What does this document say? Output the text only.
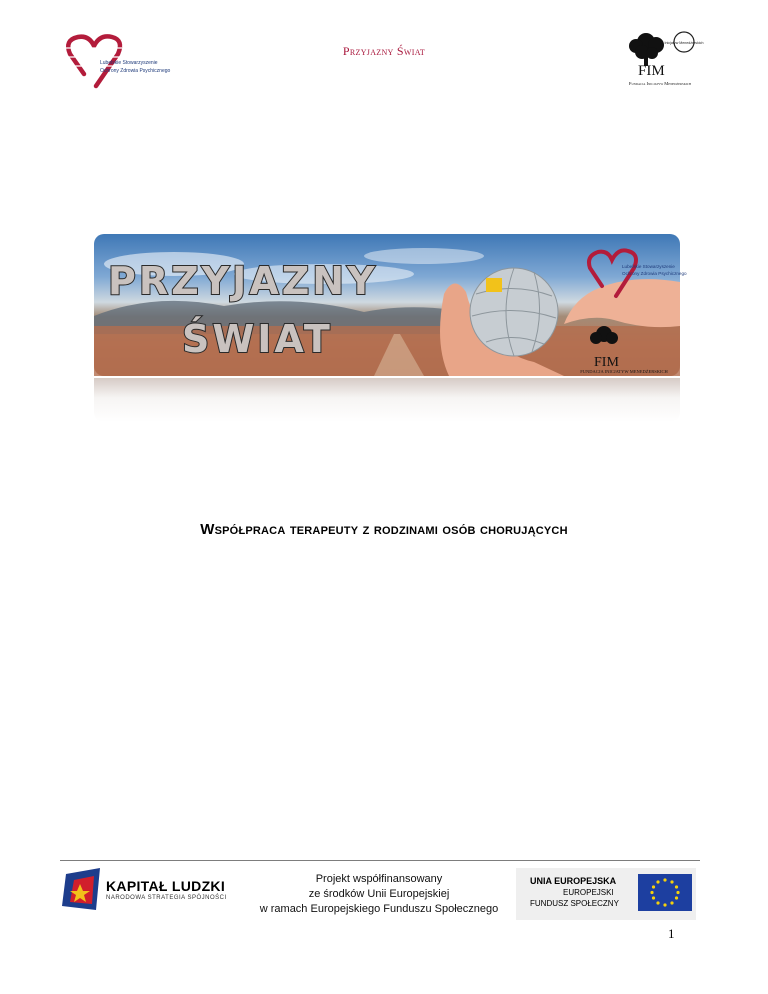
Lubelskie Stowarzyszenie
Ochrony Zdrowia Psychicznego
Przyjazny Świat
Inicjatyw Menedżerskich
FIM
Fundacja Inicjatyw Menedżerskich
Lubelskie Stowarzyszenie
Ochrony Zdrowia Psychicznego
FIM
FUNDACJA INICJATYW MENEDŻERSKICH
PRZYJAZNY
ŚWIAT
Współpraca terapeuty z rodzinami osób chorujących
KAPITAŁ LUDZKI
NARODOWA STRATEGIA SPÓJNOŚCI
Projekt współfinansowany
ze środków Unii Europejskiej
w ramach Europejskiego Funduszu Społecznego
UNIA EUROPEJSKA
EUROPEJSKI
FUNDUSZ SPOŁECZNY
1
